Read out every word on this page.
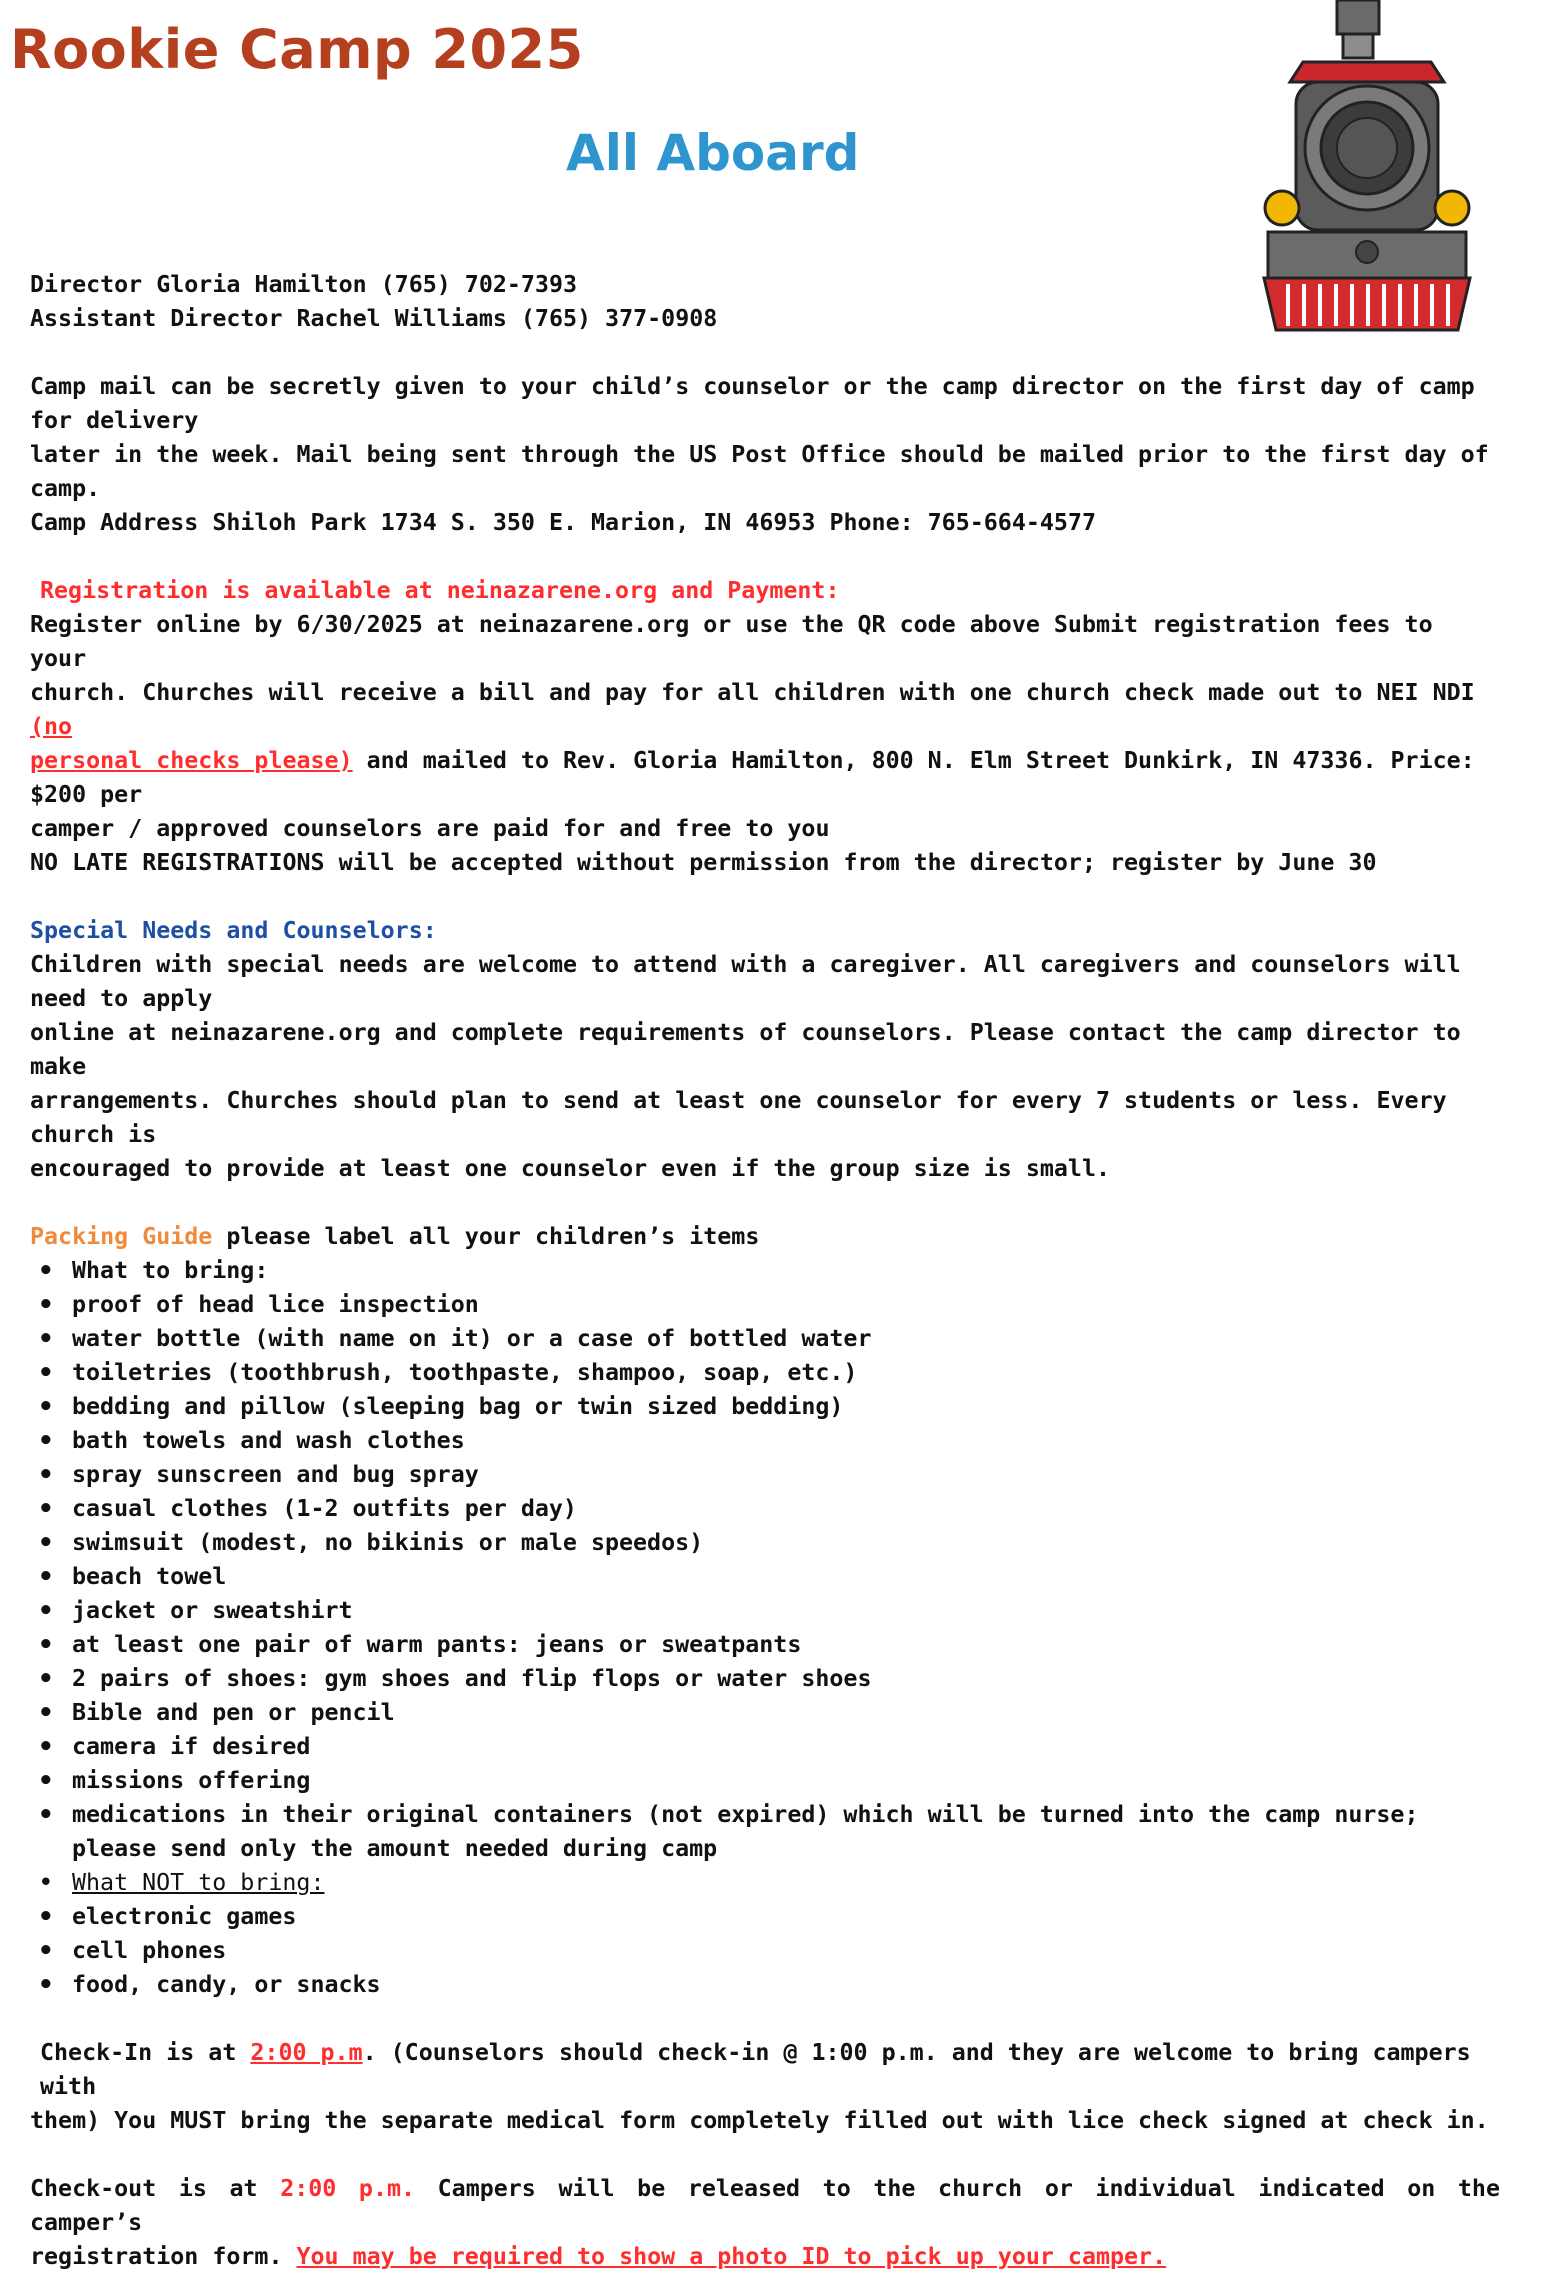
Rookie Camp 2025
All Aboard

Director Gloria Hamilton (765) 702-7393

Assistant Director Rachel Williams (765) 377-0908

Camp mail can be secretly given to your child’s counselor or the camp director on the first day of camp for delivery

later in the week. Mail being sent through the US Post Office should be mailed prior to the first day of camp.

Camp Address Shiloh Park 1734 S. 350 E. Marion, IN 46953 Phone: 765-664-4577

Registration is available at neinazarene.org and Payment:

Register online by 6/30/2025 at neinazarene.org or use the QR code above Submit registration fees to your

church. Churches will receive a bill and pay for all children with one church check made out to NEI NDI (no

personal checks please) and mailed to Rev. Gloria Hamilton, 800 N. Elm Street Dunkirk, IN 47336. Price: $200 per

camper / approved counselors are paid for and free to you

NO LATE REGISTRATIONS will be accepted without permission from the director; register by June 30

Special Needs and Counselors:

Children with special needs are welcome to attend with a caregiver. All caregivers and counselors will need to apply

online at neinazarene.org and complete requirements of counselors. Please contact the camp director to make

arrangements. Churches should plan to send at least one counselor for every 7 students or less. Every church is

encouraged to provide at least one counselor even if the group size is small.

Packing Guide please label all your children’s items

• What to bring:
• proof of head lice inspection
• water bottle (with name on it) or a case of bottled water
• toiletries (toothbrush, toothpaste, shampoo, soap, etc.)
• bedding and pillow (sleeping bag or twin sized bedding)
• bath towels and wash clothes
• spray sunscreen and bug spray
• casual clothes (1-2 outfits per day)
• swimsuit (modest, no bikinis or male speedos)
• beach towel
• jacket or sweatshirt
• at least one pair of warm pants: jeans or sweatpants
• 2 pairs of shoes: gym shoes and flip flops or water shoes
• Bible and pen or pencil
• camera if desired
• missions offering
• medications in their original containers (not expired) which will be turned into the camp nurse; please send only the amount needed during camp
• What NOT to bring:
• electronic games
• cell phones
• food, candy, or snacks

Check-In is at 2:00 p.m. (Counselors should check-in @ 1:00 p.m. and they are welcome to bring campers with

them) You MUST bring the separate medical form completely filled out with lice check signed at check in.

Check-out is at 2:00 p.m. Campers will be released to the church or individual indicated on the camper’s

registration form. You may be required to show a photo ID to pick up your camper.
